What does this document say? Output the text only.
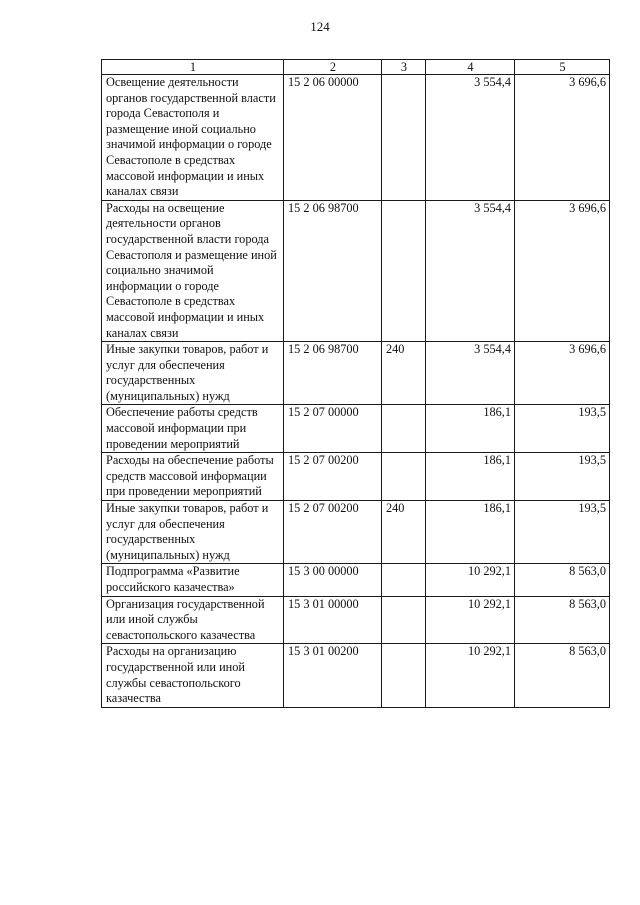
124
1	2	3	4	5
Освещение деятельности органов государственной власти города Севастополя и размещение иной социально значимой информации о городе Севастополе в средствах массовой информации и иных каналах связи	15 2 06 00000		3 554,4	3 696,6
Расходы на освещение деятельности органов государственной власти города Севастополя и размещение иной социально значимой информации о городе Севастополе в средствах массовой информации и иных каналах связи	15 2 06 98700		3 554,4	3 696,6
Иные закупки товаров, работ и услуг для обеспечения государственных (муниципальных) нужд	15 2 06 98700	240	3 554,4	3 696,6
Обеспечение работы средств массовой информации при проведении мероприятий	15 2 07 00000		186,1	193,5
Расходы на обеспечение работы средств массовой информации при проведении мероприятий	15 2 07 00200		186,1	193,5
Иные закупки товаров, работ и услуг для обеспечения государственных (муниципальных) нужд	15 2 07 00200	240	186,1	193,5
Подпрограмма «Развитие российского казачества»	15 3 00 00000		10 292,1	8 563,0
Организация государственной или иной службы севастопольского казачества	15 3 01 00000		10 292,1	8 563,0
Расходы на организацию государственной или иной службы севастопольского казачества	15 3 01 00200		10 292,1	8 563,0
